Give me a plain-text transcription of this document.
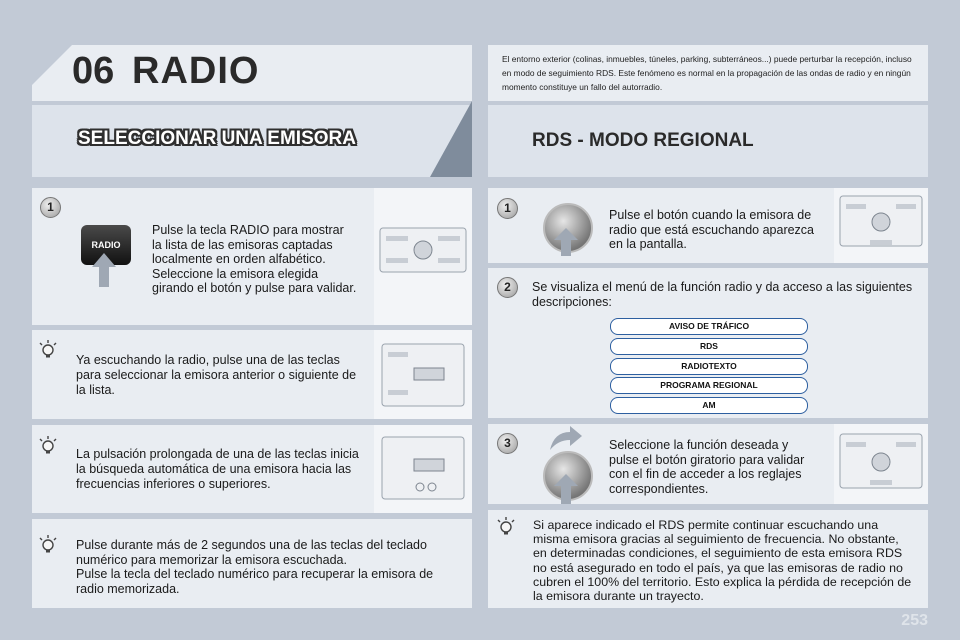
06 RADIO	El entorno exterior (colinas, inmuebles, túneles, parking, subterráneos...) puede perturbar la recepción, incluso en modo de seguimiento RDS. Este fenómeno es normal en la propagación de las ondas de radio y en ningún momento constituye un fallo del autorradio.
SELECCIONAR UNA EMISORA	RDS - MODO REGIONAL
1
RADIO
Pulse la tecla RADIO para mostrar
la lista de las emisoras captadas
localmente en orden alfabético.
Seleccione la emisora elegida
girando el botón y pulse para validar.
Ya escuchando la radio, pulse una de las teclas para seleccionar la emisora anterior o siguiente de la lista.
La pulsación prolongada de una de las teclas inicia la búsqueda automática de una emisora hacia las frecuencias inferiores o superiores.
Pulse durante más de 2 segundos una de las teclas del teclado
numérico para memorizar la emisora escuchada.
Pulse la tecla del teclado numérico para recuperar la emisora de
radio memorizada.
1	Pulse el botón cuando la emisora de
radio que está escuchando aparezca
en la pantalla.
2	Se visualiza el menú de la función radio y da acceso a las siguientes descripciones:
AVISO DE TRÁFICO
RDS
RADIOTEXTO
PROGRAMA REGIONAL
AM
3	Seleccione la función deseada y
pulse el botón giratorio para validar
con el fin de acceder a los reglajes
correspondientes.
Si aparece indicado el RDS permite continuar escuchando una
misma emisora gracias al seguimiento de frecuencia. No obstante,
en determinadas condiciones, el seguimiento de esta emisora RDS
no está asegurado en todo el país, ya que las emisoras de radio no
cubren el 100% del territorio. Esto explica la pérdida de recepción de
la emisora durante un trayecto.
253
